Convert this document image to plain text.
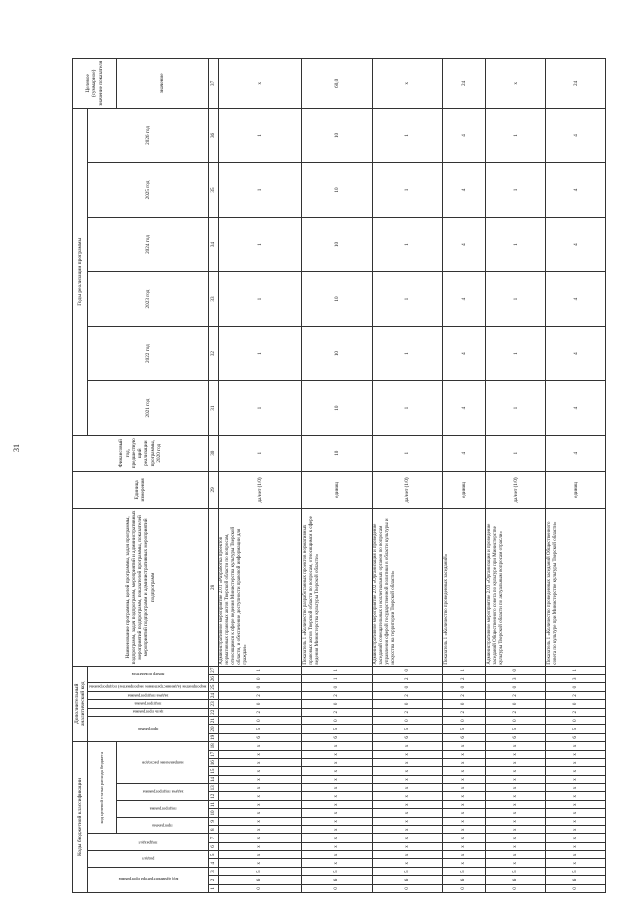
31
Коды бюджетной классификации																		Дополнительный аналитический код									Наименование программы, целей программы, задач программы, подпрограмм, задач подпрограмм, мероприятий и административных мероприятий подпрограмм, показателей программы, показателей мероприятий подпрограмм и административных мероприятий подпрограмм	Единица измерения	Финансовый год, предшествующий реализации программы, 2020 год	Годы реализации программы						Целевое (суммарное) значение показателя
код администратора программы			раздел		подраздел		код целевой статьи расхода бюджета											программа			цель программы	подпрограмма	задача подпрограммы	мероприятие (административное мероприятие) подпрограммы	номер показателя					2021 год	2022 год	2023 год	2024 год	2025 год	2026 год	
							программа		подпрограмма		задача подпрограммы		направление расходов																							значение
1	2	3	4	5	6	7	8	9	10	11	12	13	14	15	16	17	18	19	20	21	22	23	24	25	26	27	28	29	30	31	32	33	34	35	36	37
0	6	5	х	х	х	х	х	х	х	х	х	х	х	х	х	х	х	6	5	0	2	0	2	0	0	1	Административное мероприятие 2.01 «Разработка проектов нормативных правовых актов Тверской области по вопросам, относящимся к сфере ведения Министерства культуры Тверской области, и обеспечение доступности правовой информации для граждан»	да/нет (1/0)	1	1	1	1	1	1	1	х
0	6	5	х	х	х	х	х	х	х	х	х	х	х	х	х	х	х	6	5	0	2	0	2	0	1	1	Показатель 1 «Количество разработанных проектов нормативных правовых актов Тверской области по вопросам, относящимся к сфере ведения Министерства культуры Тверской области»	единиц	10	10	10	10	10	10	10	60,0
0	6	5	х	х	х	х	х	х	х	х	х	х	х	х	х	х	х	6	5	0	2	0	2	0	2	0	Административное мероприятие 2.02 «Организация и проведение заседаний совещательных и коллегиальных органов по вопросам управления сферой государственной политики в области культуры и искусства на территории Тверской области»	да/нет (1/0)	1	1	1	1	1	1	1	х
0	6	5	х	х	х	х	х	х	х	х	х	х	х	х	х	х	х	6	5	0	2	0	2	0	2	1	Показатель 1 «Количество проведенных заседаний»	единиц	4	4	4	4	4	4	4	24
0	6	5	х	х	х	х	х	х	х	х	х	х	х	х	х	х	х	6	5	0	2	0	2	0	3	0	Административное мероприятие 2.03 «Организация и проведение заседаний Общественного совета по культуре при Министерстве культуры Тверской области по актуальным вопросам отрасли»	да/нет (1/0)	1	1	1	1	1	1	1	х
0	6	5	х	х	х	х	х	х	х	х	х	х	х	х	х	х	х	6	5	0	2	0	2	0	3	1	Показатель 1 «Количество проведенных заседаний Общественного совета по культуре при Министерстве культуры Тверской области»	единиц	4	4	4	4	4	4	4	24
